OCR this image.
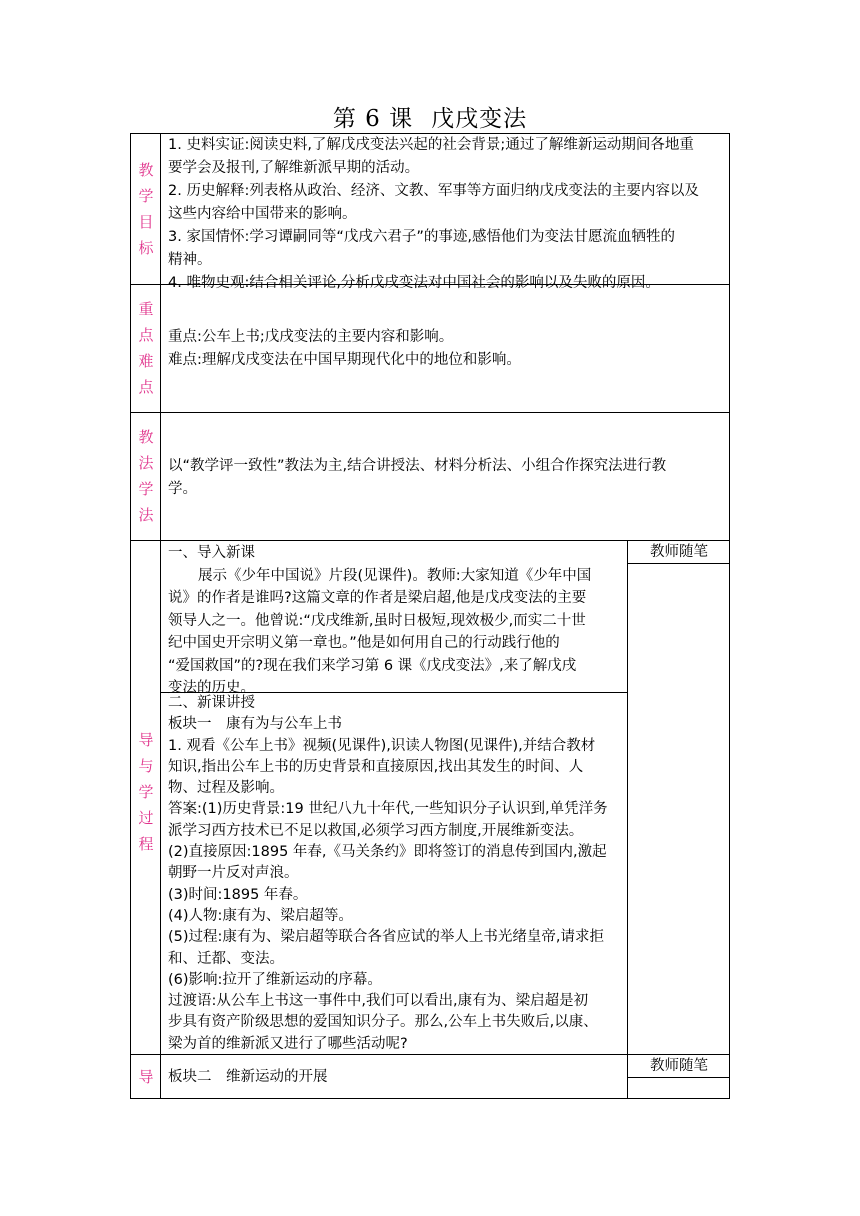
第 6 课 戊戌变法
教
学
目
标

1. 史料实证:阅读史料,了解戊戌变法兴起的社会背景;通过了解维新运动期间各地重

要学会及报刊,了解维新派早期的活动。

2. 历史解释:列表格从政治、经济、文教、军事等方面归纳戊戌变法的主要内容以及

这些内容给中国带来的影响。

3. 家国情怀:学习谭嗣同等“戊戌六君子”的事迹,感悟他们为变法甘愿流血牺牲的

精神。

4. 唯物史观:结合相关评论,分析戊戌变法对中国社会的影响以及失败的原因。

重
点
难
点

重点:公车上书;戊戌变法的主要内容和影响。

难点:理解戊戌变法在中国早期现代化中的地位和影响。

教
法
学
法

以“教学评一致性”教法为主,结合讲授法、材料分析法、小组合作探究法进行教

学。

导
与
学
过
程
教师随笔

一、导入新课

展示《少年中国说》片段(见课件)。教师:大家知道《少年中国

说》的作者是谁吗?这篇文章的作者是梁启超,他是戊戌变法的主要

领导人之一。他曾说:“戊戌维新,虽时日极短,现效极少,而实二十世

纪中国史开宗明义第一章也。”他是如何用自己的行动践行他的

“爱国救国”的?现在我们来学习第 6 课《戊戌变法》,来了解戊戌

变法的历史。

二、新课讲授

板块一　康有为与公车上书

1. 观看《公车上书》视频(见课件),识读人物图(见课件),并结合教材

知识,指出公车上书的历史背景和直接原因,找出其发生的时间、人

物、过程及影响。

答案:(1)历史背景:19 世纪八九十年代,一些知识分子认识到,单凭洋务

派学习西方技术已不足以救国,必须学习西方制度,开展维新变法。

(2)直接原因:1895 年春,《马关条约》即将签订的消息传到国内,激起

朝野一片反对声浪。

(3)时间:1895 年春。

(4)人物:康有为、梁启超等。

(5)过程:康有为、梁启超等联合各省应试的举人上书光绪皇帝,请求拒

和、迁都、变法。

(6)影响:拉开了维新运动的序幕。

过渡语:从公车上书这一事件中,我们可以看出,康有为、梁启超是初

步具有资产阶级思想的爱国知识分子。那么,公车上书失败后,以康、

梁为首的维新派又进行了哪些活动呢?

导 板块二　维新运动的开展

教师随笔
